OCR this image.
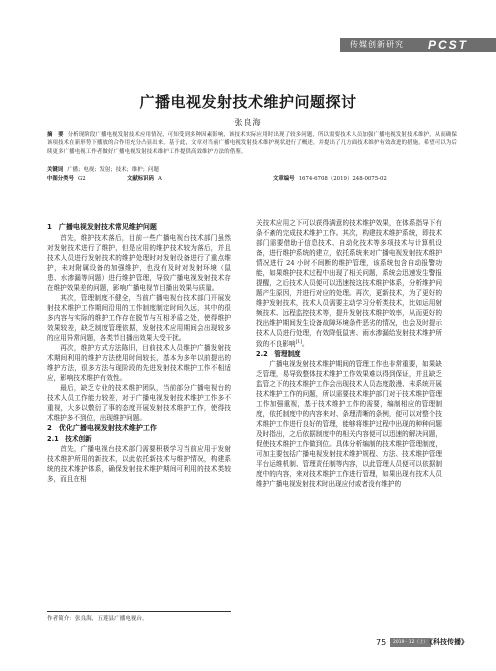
传媒创新研究 PCST
广播电视发射技术维护问题探讨
张良海
摘　要 分析现阶段广播电视发射技术应用情况，可知受到多种因素影响，该技术实际应用时出现了较多问题，所以需要技术人员加强广播电视发射技术维护，从而确保该项技术在新形势下播放的合作用充分凸显出来。基于此，文章对当前广播电视发射技术维护现状进行了概述，并提出了几方面技术维护有效改进的措施，希望可以为后续更多广播电视工作者做好广播电视发射技术维护工作提供高效维护方法的借鉴。
关键词 广播；电视；发射；技术；维护；问题
中图分类号 G2	文献标识码 A	文章编号 1674-6708（2019）248-0075-02
1　广播电视发射技术常见维护问题

首先，维护技术落后，目前一些广播电视台技术部门虽然对发射技术进行了维护，但是应用的维护技术较为落后，并且技术人员进行发射技术的维护处理时对发射设备进行了重点维护，未对附属设备的加强维护，也没有及时对发射环境（鼠患、水渗漏等问题）进行维护管理，导致广播电视发射技术存在维护效果差的问题，影响广播电视节目播出效果与质量。

其次，管理制度不健全，当前广播电视台技术部门开展发射技术维护工作期间沿用的工作制度制定时间久远，其中的很多内容与实际的维护工作存在脱节与互相矛盾之处，使得维护效果较差，缺乏制度管理依据，发射技术应用期间会出现较多的应用异常问题，各类节目播出效果大受干扰。

再次，维护方式方法陈旧，目前技术人员维护广播发射技术期间利用的维护方法使用时间较长，基本为多年以前提出的维护方法，很多方法与现阶段的先进发射技术维护工作不相适应，影响技术维护有效性。

最后，缺乏专业的技术维护团队，当前部分广播电视台的技术人员工作能力较差，对于广播电视发射技术维护工作多不重视，大多以敷衍了事的态度开展发射技术维护工作，使得技术维护多不到位，出现维护问题。

2　优化广播电视发射技术维护工作
2.1　技术创新

首先，广播电视台技术部门需要积极学习当前应用于发射技术维护所用的新技术，以此依托新技术与维护情况，构建系统的技术维护体系，确保发射技术维护期间可利用的技术类较多，而且在相

关技术应用之下可以获得满意的技术维护效果，在体系指导下有条不紊的完成技术维护工作。其次，构建技术维护系统，即技术部门需要借助于信息技术、自动化技术等多项技术与计算机设备，进行维护系统的建立，依托系统来对广播电视发射技术维护情况进行 24 小时不间断的维护管理，该系统包含自动报警功能，如果维护技术过程中出现了相关问题，系统会迅速发生警报提醒，之后技术人员便可以迅速按这技术维护体系，分析维护问题产生原因，并进行对应的处理。再次，更新技术，为了更好的维护发射技术，技术人员需要主动学习分析类技术，比如运用射频技术、远程监控技术等，提升发射技术维护效率，从而更好的找出维护期间发生设备故障环境条件恶劣的情况，也会及时提示技术人员进行处理，有效降低鼠害、雨水渗漏给发射技术维护所致的不良影响[1]。

2.2　管理制度

广播电视发射技术维护期间的管理工作也非常重要，如果缺乏管理，易导致整体技术维护工作效果难以得到保证，并且缺乏监管之下的技术维护工作会出现技术人员态度散漫、未系统开展技术维护工作的问题，所以需要技术维护部门对于技术维护管理工作加强重视，基于技术维护工作的需要，编制相应的管理制度，依托制度中的内容来对、条理清晰的条例，便可以对整个技术维护工作进行良好的管理，能够将维护过程中出现的种种问题及时指出，之后依据制度中的相关内容便可以迅速的解决问题，促使技术维护工作做到位。具体分析编制的技术维护管理制度，可加主要包括广播电视发射技术维护规程、方法、技术维护管理平台运维机制、管理责任制等内容，以此管理人员便可以依据制度中的内容，来对技术维护工作进行管理，如果出现有技术人员维护广播电视发射技术时出现应付或者没有维护的

作者简介：张良海，五莲县广播电视台。
75	2019 · 12（上）
《科技传播》
